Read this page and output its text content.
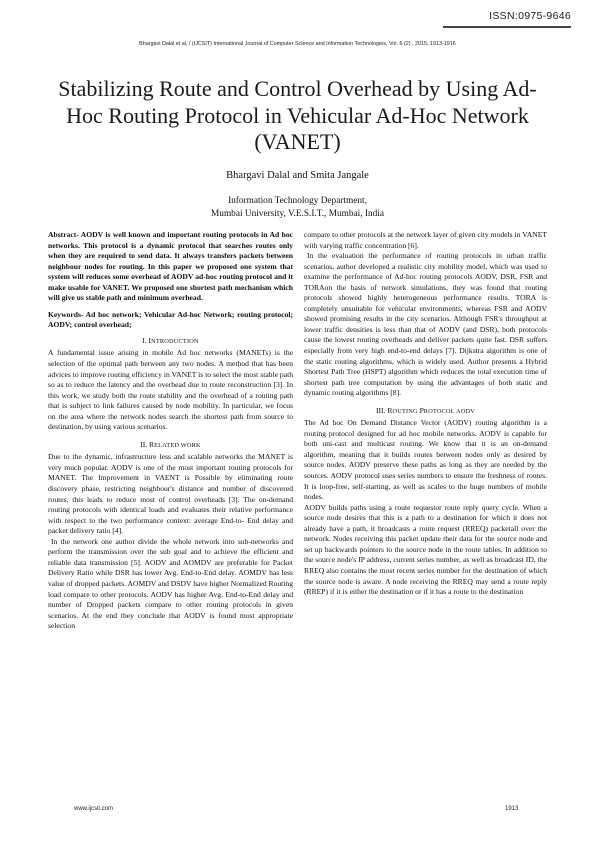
ISSN:0975-9646
Bhargavi Dalal et al, / (IJCSIT) International Journal of Computer Science and Information Technologies, Vol. 6 (2) , 2015, 1913-1916
Stabilizing Route and Control Overhead by Using Ad-Hoc Routing Protocol in Vehicular Ad-Hoc Network (VANET)
Bhargavi Dalal and Smita Jangale
Information Technology Department,
Mumbai University, V.E.S.I.T., Mumbai, India

Abstract- AODV is well known and important routing protocols in Ad hoc networks. This protocol is a dynamic protocol that searches routes only when they are required to send data. It always transfers packets between neighbour nodes for routing. In this paper we proposed one system that system will reduces some overhead of AODV ad-hoc routing protocol and it make usable for VANET. We proposed one shortest path mechanism which will give us stable path and minimum overhead.

Keywords- Ad hoc network; Vehicular Ad-hoc Network; routing protocol; AODV; control overhead;

I. INTRODUCTION

A fundamental issue arising in mobile Ad hoc networks (MANETs) is the selection of the optimal path between any two nodes. A method that has been advices to improve routing efficiency in VANET is to select the most stable path so as to reduce the latency and the overhead due to route reconstruction [3]. In this work, we study both the route stability and the overhead of a routing path that is subject to link failures caused by node mobility. In particular, we focus on the area where the network nodes search the shortest path from source to destination, by using various scenarios.

II. RELATED WORK

Due to the dynamic, infrastructure less and scalable networks the MANET is very much popular. AODV is one of the most important routing protocols for MANET. The Improvement in VAENT is Possible by eliminating route discovery phase, restricting neighbour's distance and number of discovered routes, this leads to reduce most of control overheads [3]. The on-demand routing protocols with identical loads and evaluates their relative performance with respect to the two performance context: average End-to- End delay and packet delivery ratio [4].

In the network one author divide the whole network into sub-networks and perform the transmission over the sub goal and to achieve the efficient and reliable data transmission [5]. AODV and AOMDV are preferable for Packet Delivery Ratio while DSR has lower Avg. End-to-End delay. AOMDV has less value of dropped packets. AOMDV and DSDV have higher Normalized Routing load compare to other protocols. AODV has higher Avg. End-to-End delay and number of Dropped packets compare to other routing protocols in given scenarios. At the end they conclude that AODV is found most appropriate selection

compare to other protocols at the network layer of given city models in VANET with varying traffic concentration [6].

In the evaluation the performance of routing protocols in urban traffic scenarios, author developed a realistic city mobility model, which was used to examine the performance of Ad-hoc routing protocols AODV, DSR, FSR and TORAon the basis of network simulations, they was found that routing protocols showed highly heterogeneous performance results. TORA is completely unsuitable for vehicular environments, whereas FSR and AODV showed promising results in the city scenarios. Although FSR's throughput at lower traffic densities is less than that of AODV (and DSR), both protocols cause the lowest routing overheads and deliver packets quite fast. DSR suffers especially from very high end-to-end delays [7]. Dijkstra algorithm is one of the static routing algorithms, which is widely used. Author presents a Hybrid Shortest Path Tree (HSPT) algorithm which reduces the total execution time of shortest path tree computation by using the advantages of both static and dynamic routing algorithms [8].

III. ROUTING PROTOCOL AODV

The Ad hoc On Demand Distance Vector (AODV) routing algorithm is a routing protocol designed for ad hoc mobile networks. AODV is capable for both uni-cast and multicast routing. We know that it is an on-demand algorithm, meaning that it builds routes between nodes only as desired by source nodes. AODV preserve these paths as long as they are needed by the sources. AODV protocol uses series numbers to ensure the freshness of routes. It is loop-free, self-starting, as well as scales to the huge numbers of mobile nodes.

AODV builds paths using a route requestor route reply query cycle. When a source node desires that this is a path to a destination for which it does not already have a path, it broadcasts a route request (RREQ) packetall over the network. Nodes receiving this packet update their data for the source node and set up backwards pointers to the source node in the route tables. In addition to the source node's IP address, current series number, as well as broadcast ID, the RREQ also contains the most recent series number for the destination of which the source node is aware. A node receiving the RREQ may send a route reply (RREP) if it is either the destination or if it has a route to the destination

www.ijcsit.com	1913
